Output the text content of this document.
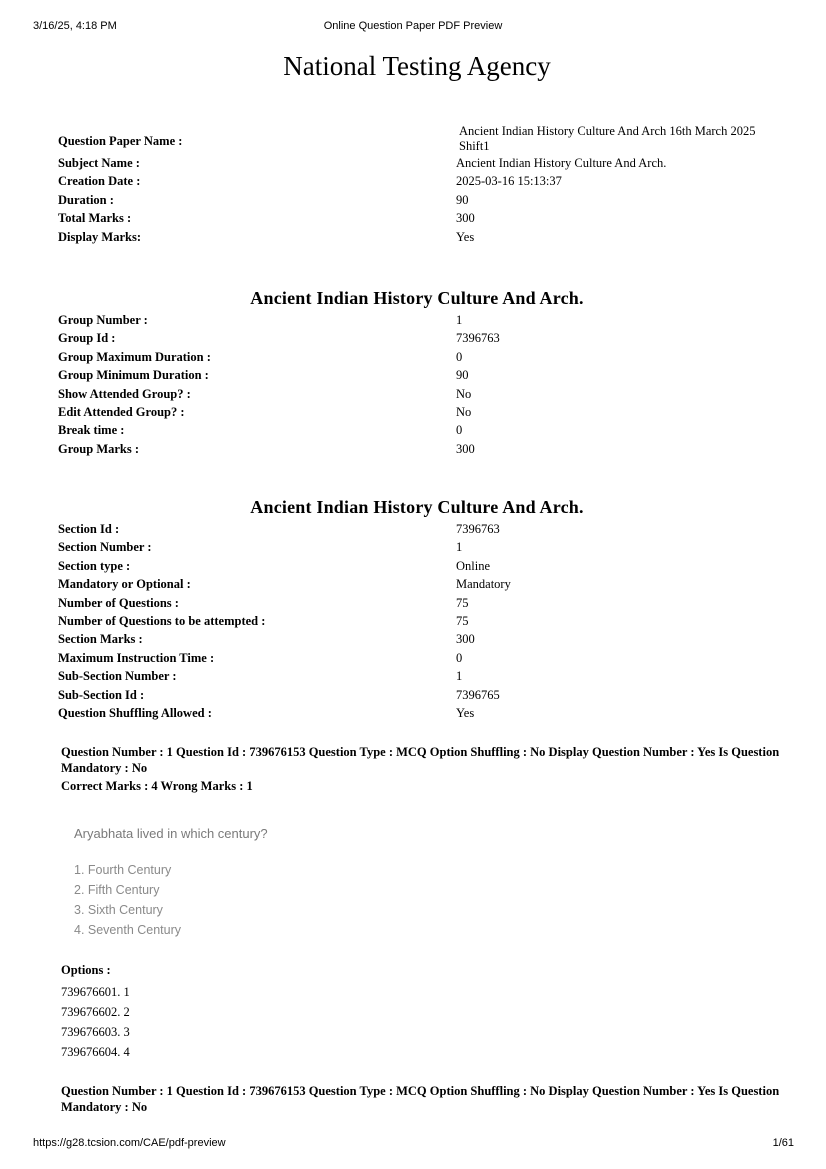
3/16/25, 4:18 PM	Online Question Paper PDF Preview
National Testing Agency
Question Paper Name :	Ancient Indian History Culture And Arch 16th March 2025 Shift1
Subject Name :	Ancient Indian History Culture And Arch.
Creation Date :	2025-03-16 15:13:37
Duration :	90
Total Marks :	300
Display Marks:	Yes
Ancient Indian History Culture And Arch.
Group Number :	1
Group Id :	7396763
Group Maximum Duration :	0
Group Minimum Duration :	90
Show Attended Group? :	No
Edit Attended Group? :	No
Break time :	0
Group Marks :	300
Ancient Indian History Culture And Arch.
Section Id :	7396763
Section Number :	1
Section type :	Online
Mandatory or Optional :	Mandatory
Number of Questions :	75
Number of Questions to be attempted :	75
Section Marks :	300
Maximum Instruction Time :	0
Sub-Section Number :	1
Sub-Section Id :	7396765
Question Shuffling Allowed :	Yes
Question Number : 1 Question Id : 739676153 Question Type : MCQ Option Shuffling : No Display Question Number : Yes Is Question Mandatory : No
Correct Marks : 4 Wrong Marks : 1

Aryabhata lived in which century?

1. Fourth Century

2. Fifth Century

3. Sixth Century

4. Seventh Century

Options :
739676601. 1
739676602. 2
739676603. 3
739676604. 4
Question Number : 1 Question Id : 739676153 Question Type : MCQ Option Shuffling : No Display Question Number : Yes Is Question Mandatory : No
https://g28.tcsion.com/CAE/pdf-preview	1/61
